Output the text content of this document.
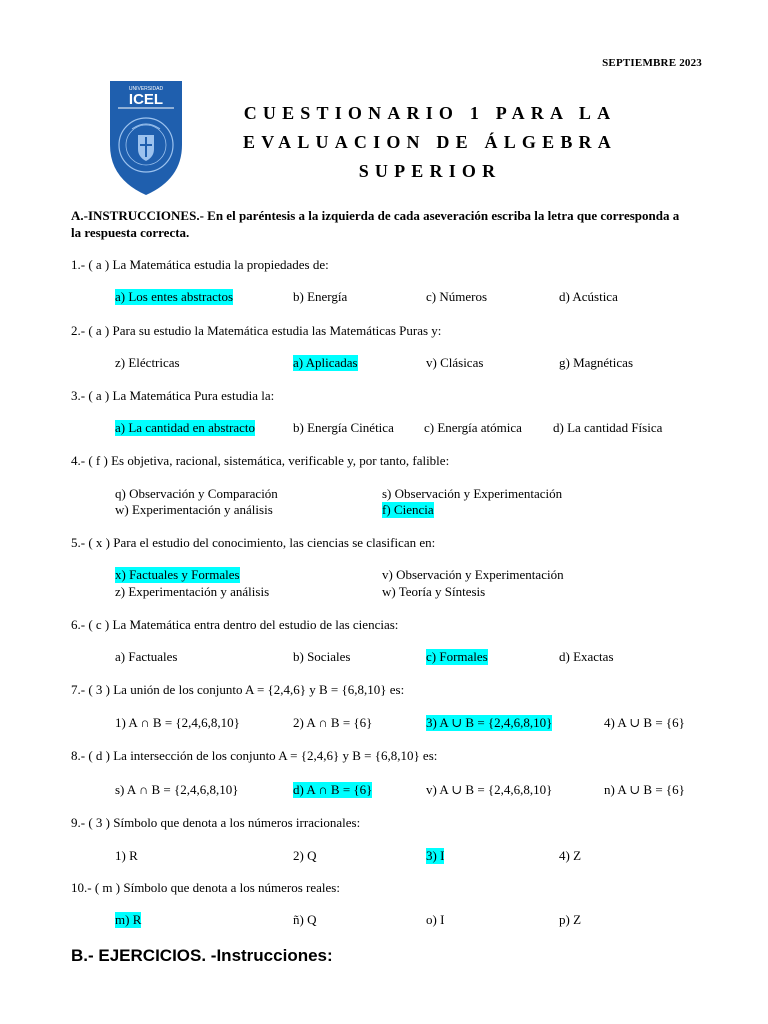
SEPTIEMBRE 2023
UNIVERSIDAD
ICEL
CUESTIONARIO 1 PARA LA
EVALUACION DE ÁLGEBRA
SUPERIOR
A.-INSTRUCCIONES.- En el paréntesis a la izquierda de cada aseveración escriba la letra que corresponda a la respuesta correcta.
1.- ( a ) La Matemática estudia la propiedades de:
a) Los entes abstractos	b) Energía	c) Números	d) Acústica
2.- ( a ) Para su estudio la Matemática estudia las Matemáticas Puras y:
z) Eléctricas	a) Aplicadas	v) Clásicas	g) Magnéticas
3.- ( a ) La Matemática Pura estudia la:
a) La cantidad en abstracto	b) Energía Cinética c) Energía atómica d) La cantidad Física
4.- ( f ) Es objetiva, racional, sistemática, verificable y, por tanto, falible:
q) Observación y Comparación	s) Observación y Experimentación
w) Experimentación y análisis	f) Ciencia
5.- ( x ) Para el estudio del conocimiento, las ciencias se clasifican en:
x) Factuales y Formales	v) Observación y Experimentación
z) Experimentación y análisis	w) Teoría y Síntesis
6.- ( c ) La Matemática entra dentro del estudio de las ciencias:
a) Factuales	b) Sociales	c) Formales	d) Exactas
7.- ( 3 ) La unión de los conjunto A = {2,4,6} y B = {6,8,10} es:
1) A ∩ B = {2,4,6,8,10}	2) A ∩ B = {6}	3) A ∪ B = {2,4,6,8,10}	4) A ∪ B = {6}
8.- ( d ) La intersección de los conjunto A = {2,4,6} y B = {6,8,10} es:
s) A ∩ B = {2,4,6,8,10}	d) A ∩ B = {6}	v) A ∪ B = {2,4,6,8,10}	n) A ∪ B = {6}
9.- ( 3 ) Símbolo que denota a los números irracionales:
1) R	2) Q	3) I	4) Z
10.- ( m ) Símbolo que denota a los números reales:
m) R	ñ) Q	o) I	p) Z
B.- EJERCICIOS. -Instrucciones:
